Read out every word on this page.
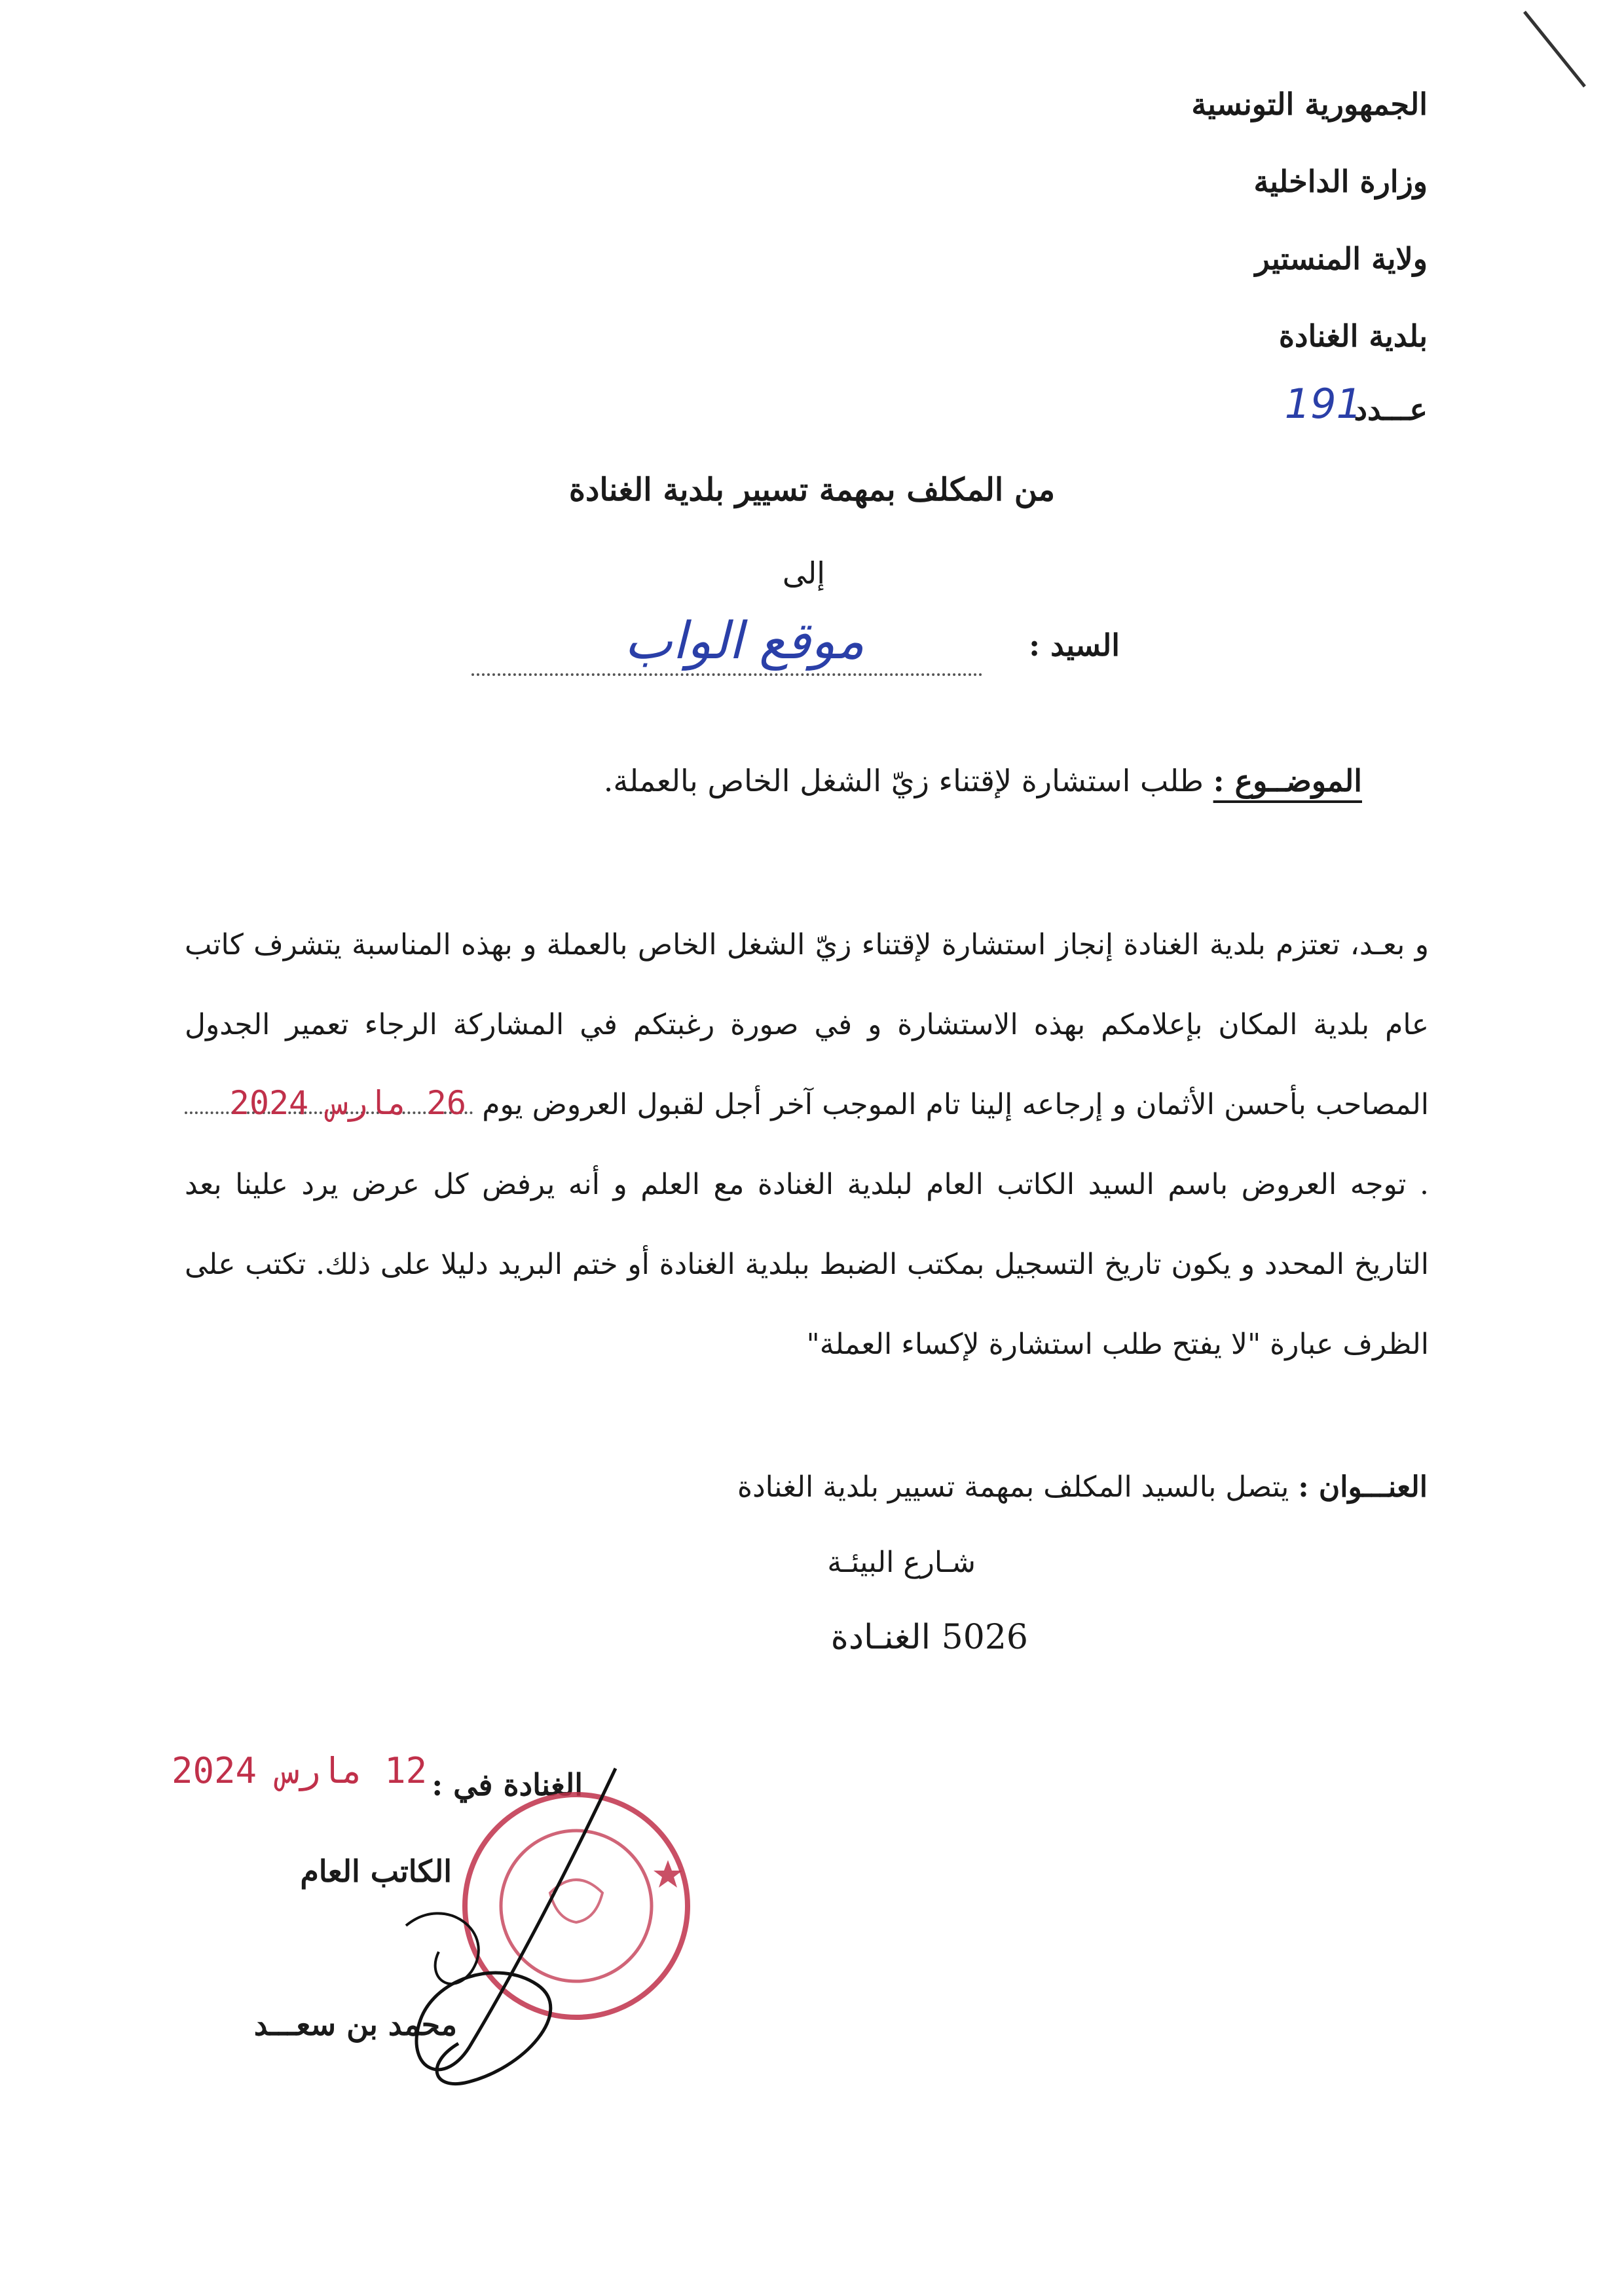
الجمهورية التونسية
وزارة الداخلية
ولاية المنستير
بلدية الغنادة
عـــدد
191
من المكلف بمهمة تسيير بلدية الغنادة
إلى
السيد :
موقع الواب
الموضــوع : طلب استشارة لإقتناء زيّ الشغل الخاص بالعملة.
و بعـد، تعتزم بلدية الغنادة إنجاز استشارة لإقتناء زيّ الشغل الخاص بالعملة و بهذه المناسبة يتشرف كاتب عام بلدية المكان بإعلامكم بهذه الاستشارة و في صورة رغبتكم في المشاركة الرجاء تعمير الجدول المصاحب بأحسن الأثمان و إرجاعه إلينا تام الموجب آخر أجل لقبول العروض يوم
26 مارس 2024
. توجه العروض باسم السيد الكاتب العام لبلدية الغنادة مع العلم و أنه يرفض كل عرض يرد علينا بعد التاريخ المحدد و يكون تاريخ التسجيل بمكتب الضبط ببلدية الغنادة أو ختم البريد دليلا على ذلك. تكتب على الظرف عبارة "لا يفتح طلب استشارة لإكساء العملة"
العنـــوان : يتصل بالسيد المكلف بمهمة تسيير بلدية الغنادة
شـارع البيئـة
5026 الغنـادة
الغنادة في :
12 مارس 2024
الكاتب العام
محمد بن سعـــد
